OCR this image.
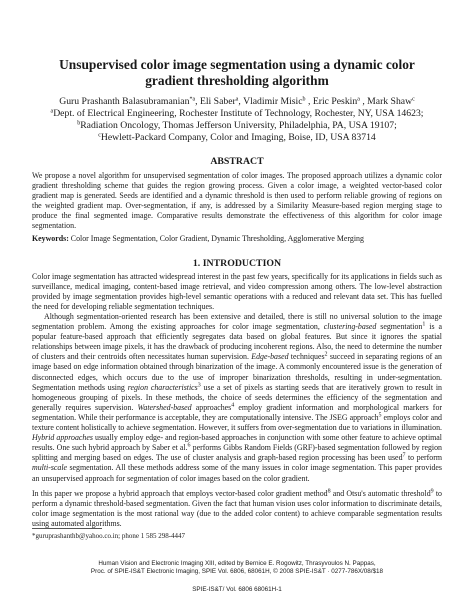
Unsupervised color image segmentation using a dynamic color
gradient thresholding algorithm
Guru Prashanth Balasubramanian$^{*a}$, Eli Saber$^a$, Vladimir Misic$^b$ , Eric Peskin$^a$ , Mark Shaw$^c$
$^a$Dept. of Electrical Engineering, Rochester Institute of Technology, Rochester, NY, USA 14623;
$^b$Radiation Oncology, Thomas Jefferson University, Philadelphia, PA, USA 19107;
$^c$Hewlett-Packard Company, Color and Imaging, Boise, ID, USA 83714
ABSTRACT
We propose a novel algorithm for unsupervised segmentation of color images. The proposed approach utilizes a dynamic color gradient thresholding scheme that guides the region growing process. Given a color image, a weighted vector-based color gradient map is generated. Seeds are identified and a dynamic threshold is then used to perform reliable growing of regions on the weighted gradient map. Over-segmentation, if any, is addressed by a Similarity Measure-based region merging stage to produce the final segmented image. Comparative results demonstrate the effectiveness of this algorithm for color image segmentation.
Keywords: Color Image Segmentation, Color Gradient, Dynamic Thresholding, Agglomerative Merging
1. INTRODUCTION
Color image segmentation has attracted widespread interest in the past few years, specifically for its applications in fields such as surveillance, medical imaging, content-based image retrieval, and video compression among others. The low-level abstraction provided by image segmentation provides high-level semantic operations with a reduced and relevant data set. This has fuelled the need for developing reliable segmentation techniques.
Although segmentation-oriented research has been extensive and detailed, there is still no universal solution to the image segmentation problem. Among the existing approaches for color image segmentation, clustering-based segmentation$^1$ is a popular feature-based approach that efficiently segregates data based on global features. But since it ignores the spatial relationships between image pixels, it has the drawback of producing incoherent regions. Also, the need to determine the number of clusters and their centroids often necessitates human supervision. Edge-based techniques$^2$ succeed in separating regions of an image based on edge information obtained through binarization of the image. A commonly encountered issue is the generation of disconnected edges, which occurs due to the use of improper binarization thresholds, resulting in under-segmentation. Segmentation methods using region characteristics$^3$ use a set of pixels as starting seeds that are iteratively grown to result in homogeneous grouping of pixels. In these methods, the choice of seeds determines the efficiency of the segmentation and generally requires supervision. Watershed-based approaches$^4$ employ gradient information and morphological markers for segmentation. While their performance is acceptable, they are computationally intensive. The JSEG approach$^5$ employs color and texture content holistically to achieve segmentation. However, it suffers from over-segmentation due to variations in illumination. Hybrid approaches usually employ edge- and region-based approaches in conjunction with some other feature to achieve optimal results. One such hybrid approach by Saber et al.$^6$ performs Gibbs Random Fields (GRF)-based segmentation followed by region splitting and merging based on edges. The use of cluster analysis and graph-based region processing has been used$^7$ to perform multi-scale segmentation. All these methods address some of the many issues in color image segmentation. This paper provides an unsupervised approach for segmentation of color images based on the color gradient.
In this paper we propose a hybrid approach that employs vector-based color gradient method$^8$ and Otsu's automatic threshold$^9$ to perform a dynamic threshold-based segmentation. Given the fact that human vision uses color information to discriminate details, color image segmentation is the most rational way (due to the added color content) to achieve comparable segmentation results using automated algorithms.
*guruprashanthb@yahoo.co.in; phone 1 585 298-4447
Human Vision and Electronic Imaging XIII, edited by Bernice E. Rogowitz, Thrasyvoulos N. Pappas,
Proc. of SPIE-IS&T Electronic Imaging, SPIE Vol. 6806, 68061H, © 2008 SPIE-IS&T · 0277-786X/08/$18
SPIE-IS&T/ Vol. 6806 68061H-1
